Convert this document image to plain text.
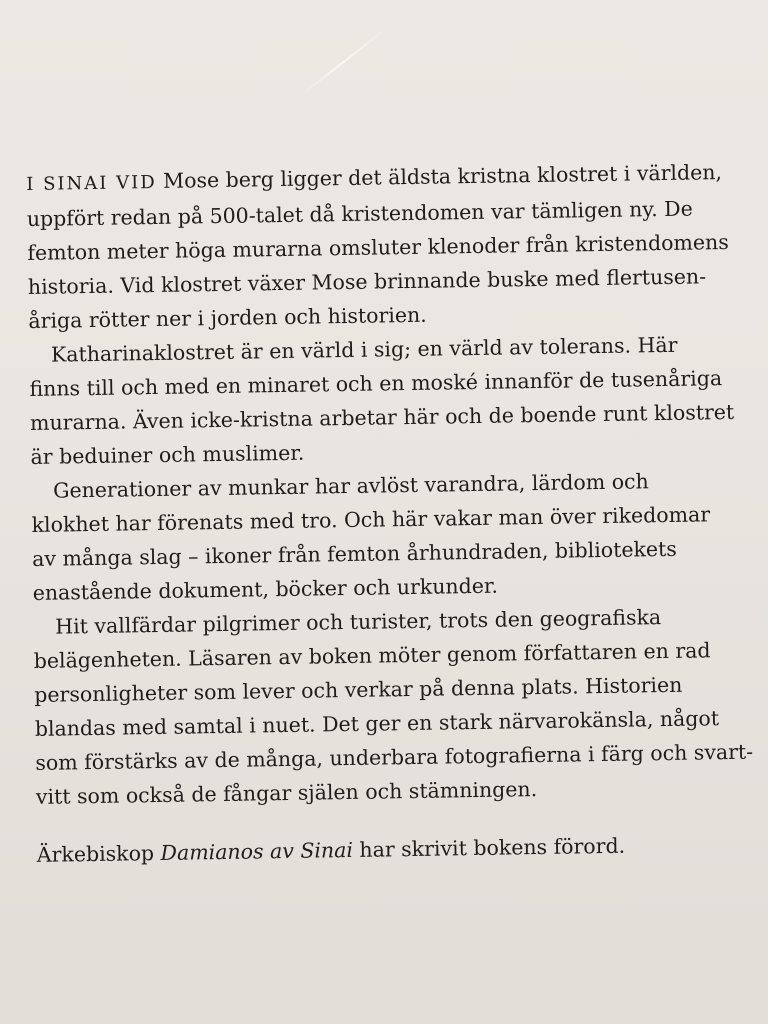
I SINAI VID Mose berg ligger det äldsta kristna klostret i världen,
uppfört redan på 500-talet då kristendomen var tämligen ny. De
femton meter höga murarna omsluter klenoder från kristendomens
historia. Vid klostret växer Mose brinnande buske med flertusen-
åriga rötter ner i jorden och historien.
Katharinaklostret är en värld i sig; en värld av tolerans. Här
finns till och med en minaret och en moské innanför de tusenåriga
murarna. Även icke-kristna arbetar här och de boende runt klostret
är beduiner och muslimer.
Generationer av munkar har avlöst varandra, lärdom och
klokhet har förenats med tro. Och här vakar man över rikedomar
av många slag – ikoner från femton århundraden, bibliotekets
enastående dokument, böcker och urkunder.
Hit vallfärdar pilgrimer och turister, trots den geografiska
belägenheten. Läsaren av boken möter genom författaren en rad
personligheter som lever och verkar på denna plats. Historien
blandas med samtal i nuet. Det ger en stark närvarokänsla, något
som förstärks av de många, underbara fotografierna i färg och svart-
vitt som också de fångar själen och stämningen.
Ärkebiskop Damianos av Sinai har skrivit bokens förord.
